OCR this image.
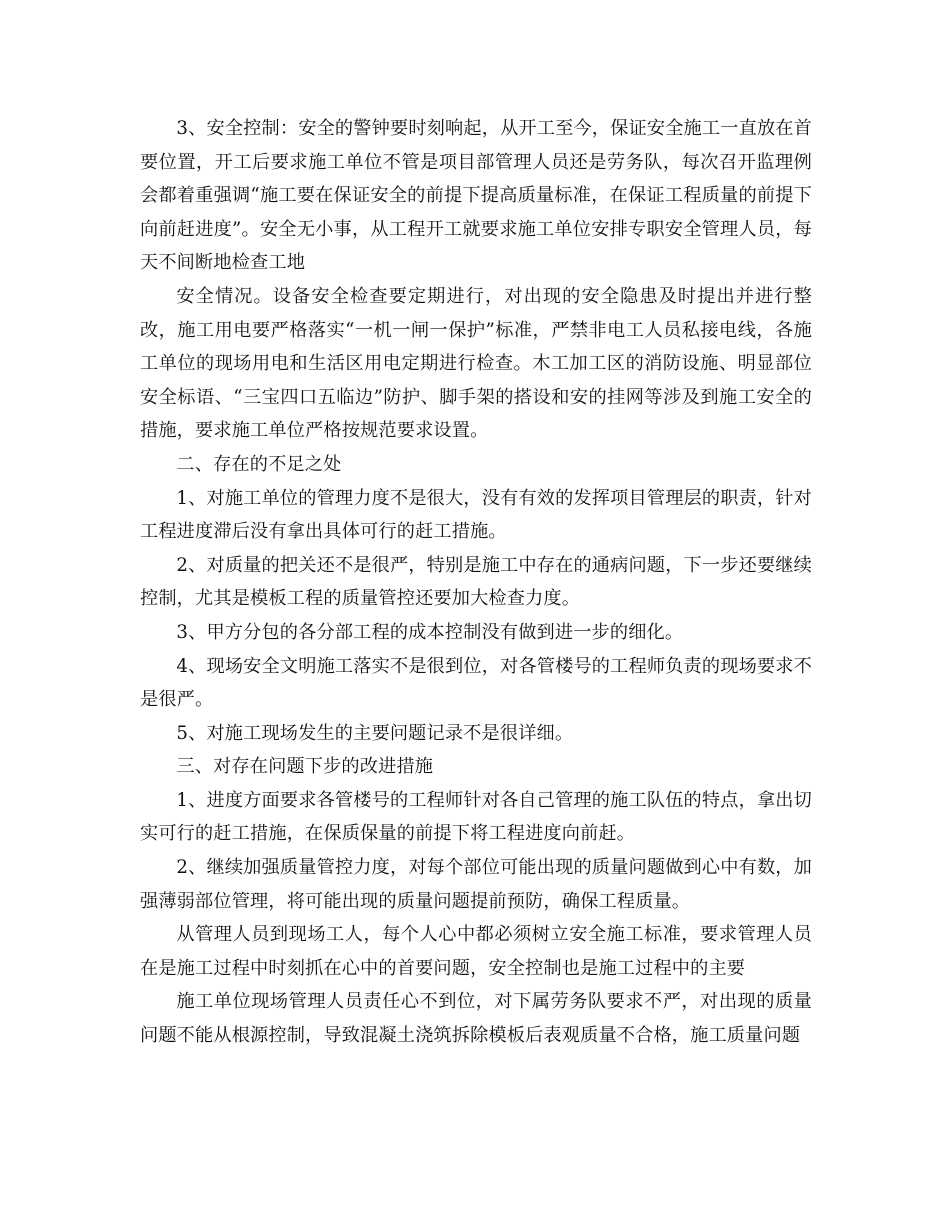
3、安全控制：安全的警钟要时刻响起，从开工至今，保证安全施工一直放在首要位置，开工后要求施工单位不管是项目部管理人员还是劳务队，每次召开监理例会都着重强调“施工要在保证安全的前提下提高质量标准，在保证工程质量的前提下向前赶进度”。安全无小事，从工程开工就要求施工单位安排专职安全管理人员，每天不间断地检查工地

安全情况。设备安全检查要定期进行，对出现的安全隐患及时提出并进行整改，施工用电要严格落实“一机一闸一保护”标准，严禁非电工人员私接电线，各施工单位的现场用电和生活区用电定期进行检查。木工加工区的消防设施、明显部位安全标语、“三宝四口五临边”防护、脚手架的搭设和安的挂网等涉及到施工安全的措施，要求施工单位严格按规范要求设置。

二、存在的不足之处

1、对施工单位的管理力度不是很大，没有有效的发挥项目管理层的职责，针对工程进度滞后没有拿出具体可行的赶工措施。

2、对质量的把关还不是很严，特别是施工中存在的通病问题，下一步还要继续控制，尤其是模板工程的质量管控还要加大检查力度。

3、甲方分包的各分部工程的成本控制没有做到进一步的细化。

4、现场安全文明施工落实不是很到位，对各管楼号的工程师负责的现场要求不是很严。

5、对施工现场发生的主要问题记录不是很详细。

三、对存在问题下步的改进措施

1、进度方面要求各管楼号的工程师针对各自己管理的施工队伍的特点，拿出切实可行的赶工措施，在保质保量的前提下将工程进度向前赶。

2、继续加强质量管控力度，对每个部位可能出现的质量问题做到心中有数，加强薄弱部位管理，将可能出现的质量问题提前预防，确保工程质量。

从管理人员到现场工人，每个人心中都必须树立安全施工标准，要求管理人员在是施工过程中时刻抓在心中的首要问题，安全控制也是施工过程中的主要

施工单位现场管理人员责任心不到位，对下属劳务队要求不严，对出现的质量问题不能从根源控制，导致混凝土浇筑拆除模板后表观质量不合格，施工质量问题
